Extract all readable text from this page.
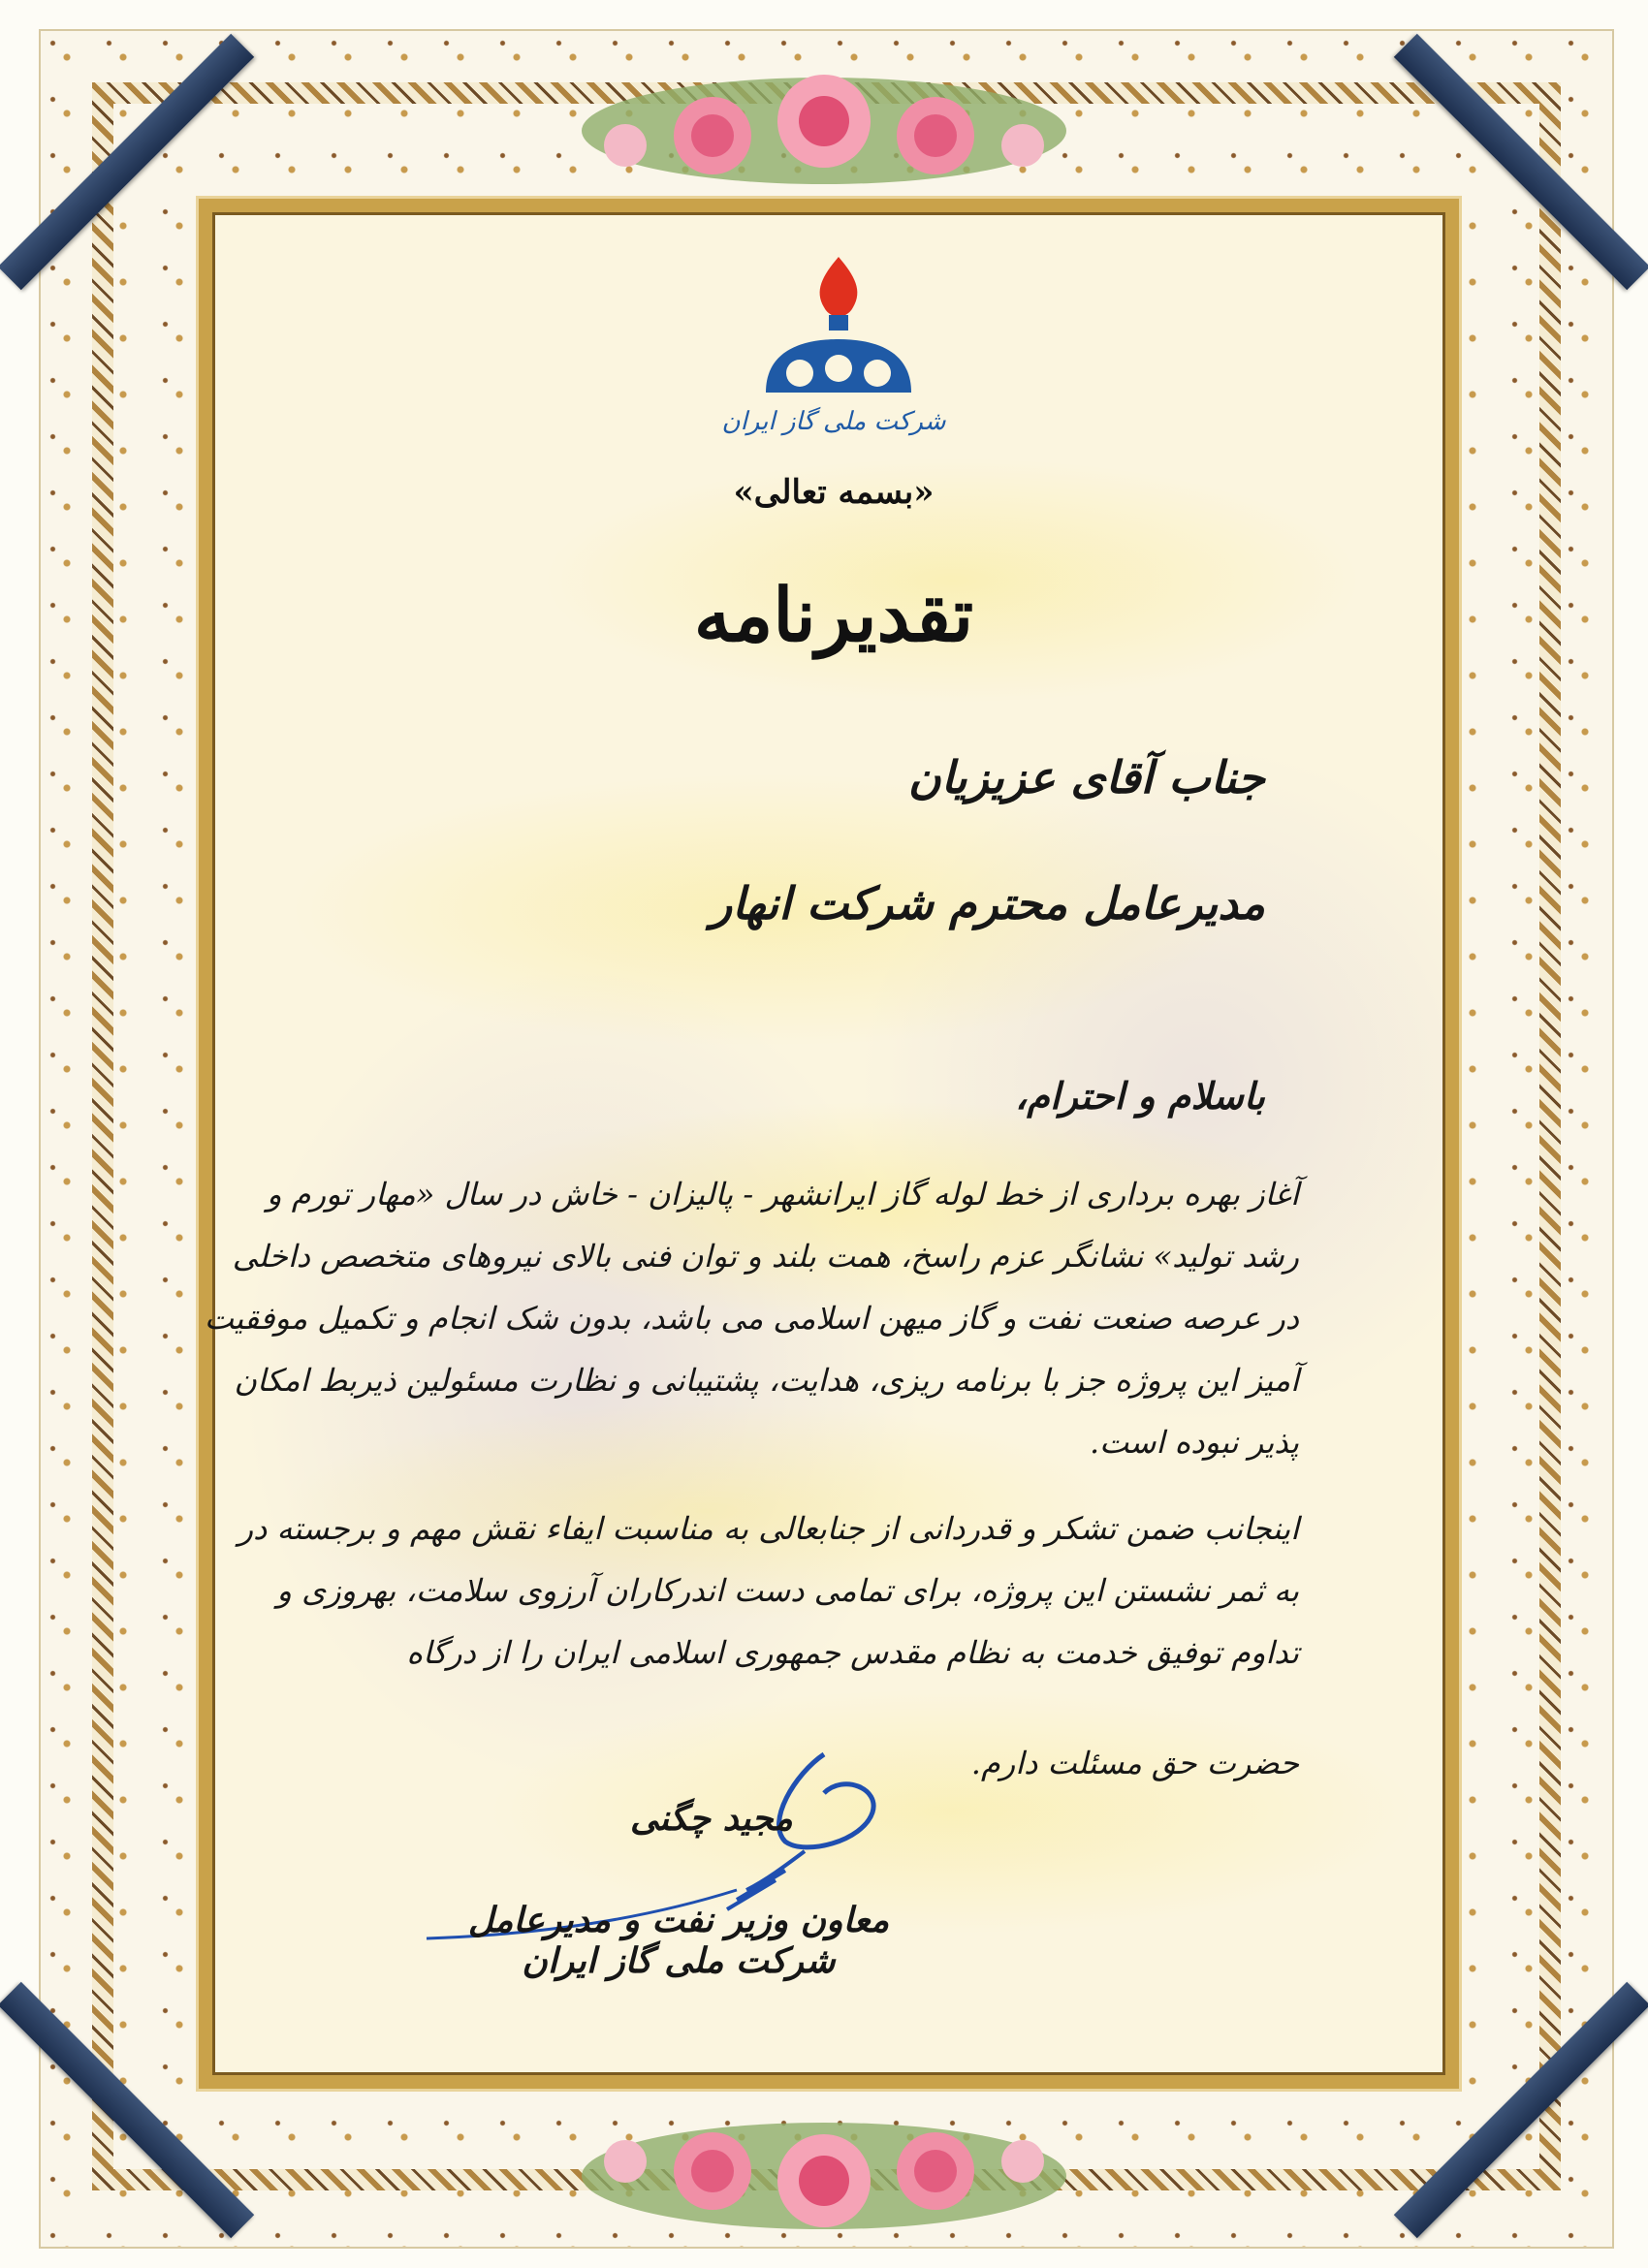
شرکت ملی گاز ایران
«بسمه تعالی»
تقدیرنامه
جناب آقای عزیزیان
مدیرعامل محترم شرکت انهار
باسلام و احترام،
آغاز بهره برداری از خط لوله گاز ایرانشهر - پالیزان - خاش در سال «مهار تورم و رشد تولید» نشانگر عزم راسخ، همت بلند و توان فنی بالای نیروهای متخصص داخلی در عرصه صنعت نفت و گاز میهن اسلامی می باشد، بدون شک انجام و تکمیل موفقیت آمیز این پروژه جز با برنامه ریزی، هدایت، پشتیبانی و نظارت مسئولین ذیربط امکان پذیر نبوده است.
اینجانب ضمن تشکر و قدردانی از جنابعالی به مناسبت ایفاء نقش مهم و برجسته در به ثمر نشستن این پروژه، برای تمامی دست اندرکاران آرزوی سلامت، بهروزی و تداوم توفیق خدمت به نظام مقدس جمهوری اسلامی ایران را از درگاه
حضرت حق مسئلت دارم.
مجید چگنی
معاون وزیر نفت و مدیرعامل شرکت ملی گاز ایران
